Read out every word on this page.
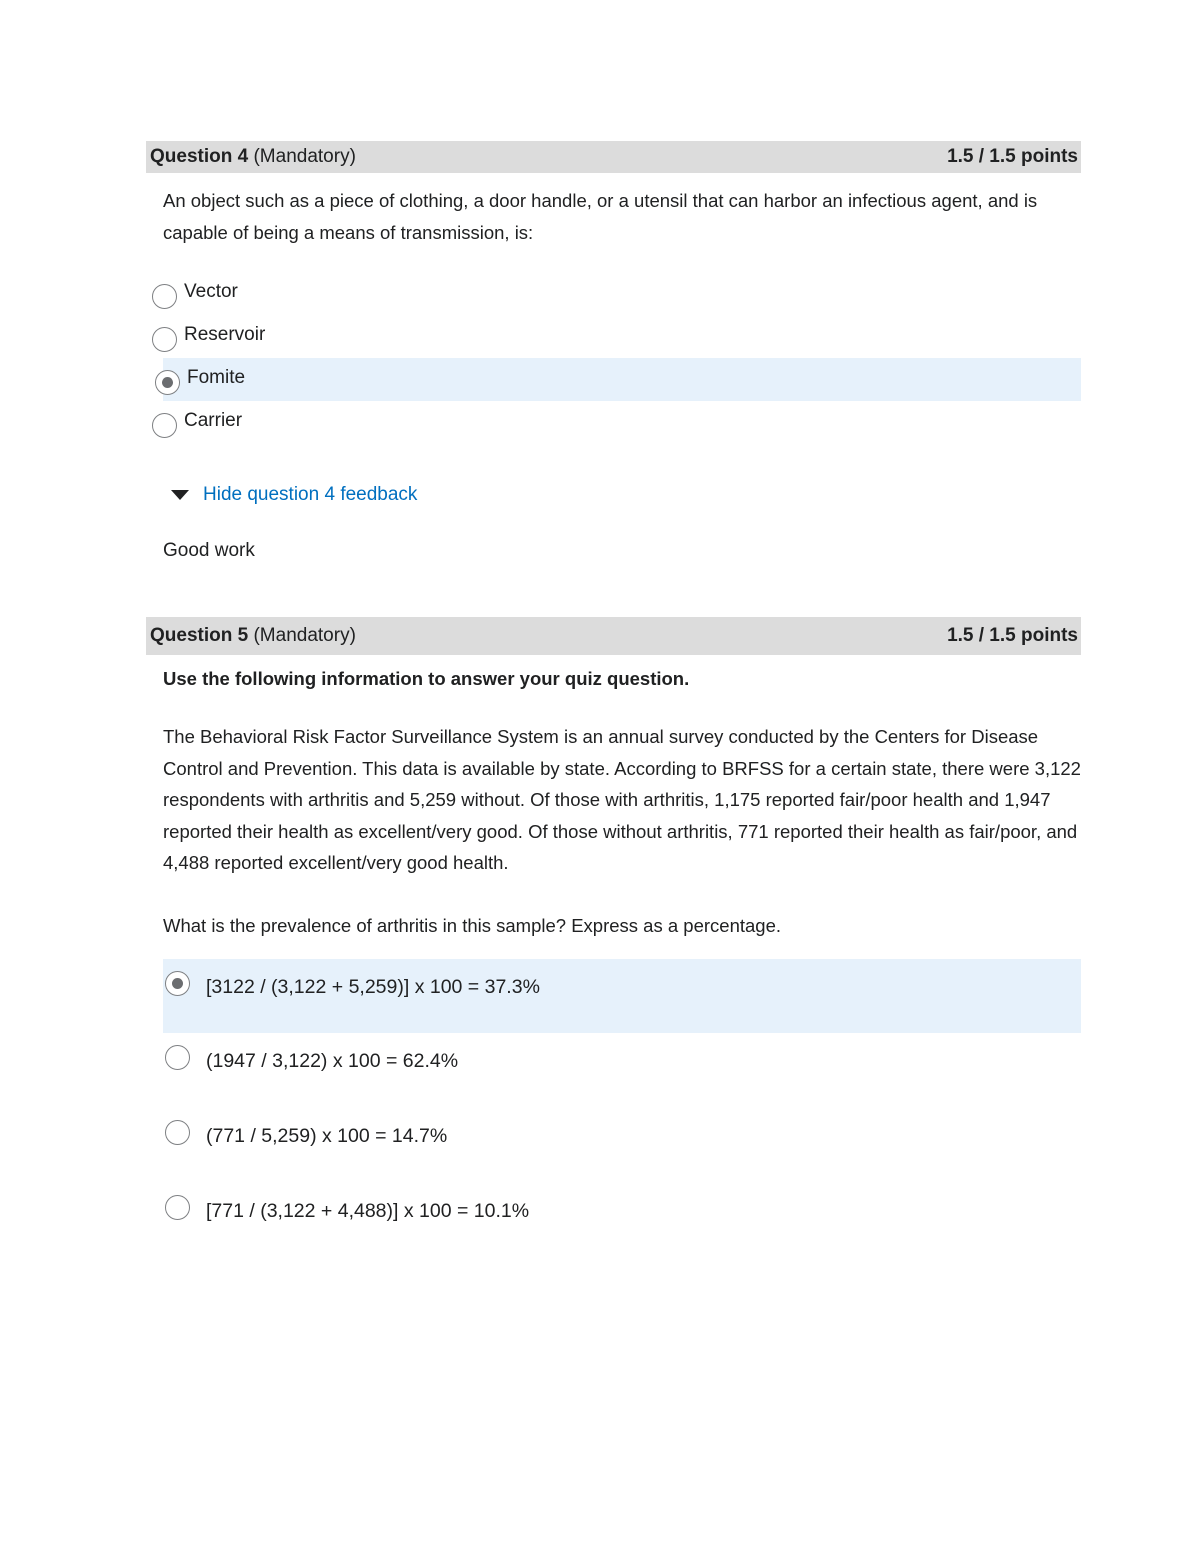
Question 4 (Mandatory)	1.5 / 1.5 points

An object such as a piece of clothing, a door handle, or a utensil that can harbor an infectious agent, and is capable of being a means of transmission, is:

Vector
Reservoir
Fomite
Carrier
Hide question 4 feedback
Good work
Question 5 (Mandatory)	1.5 / 1.5 points

Use the following information to answer your quiz question.

The Behavioral Risk Factor Surveillance System is an annual survey conducted by the Centers for Disease Control and Prevention. This data is available by state. According to BRFSS for a certain state, there were 3,122 respondents with arthritis and 5,259 without. Of those with arthritis, 1,175 reported fair/poor health and 1,947 reported their health as excellent/very good. Of those without arthritis, 771 reported their health as fair/poor, and 4,488 reported excellent/very good health.

What is the prevalence of arthritis in this sample? Express as a percentage.

[3122 / (3,122 + 5,259)] x 100 = 37.3%
(1947 / 3,122) x 100 = 62.4%
(771 / 5,259) x 100 = 14.7%
[771 / (3,122 + 4,488)] x 100 = 10.1%
